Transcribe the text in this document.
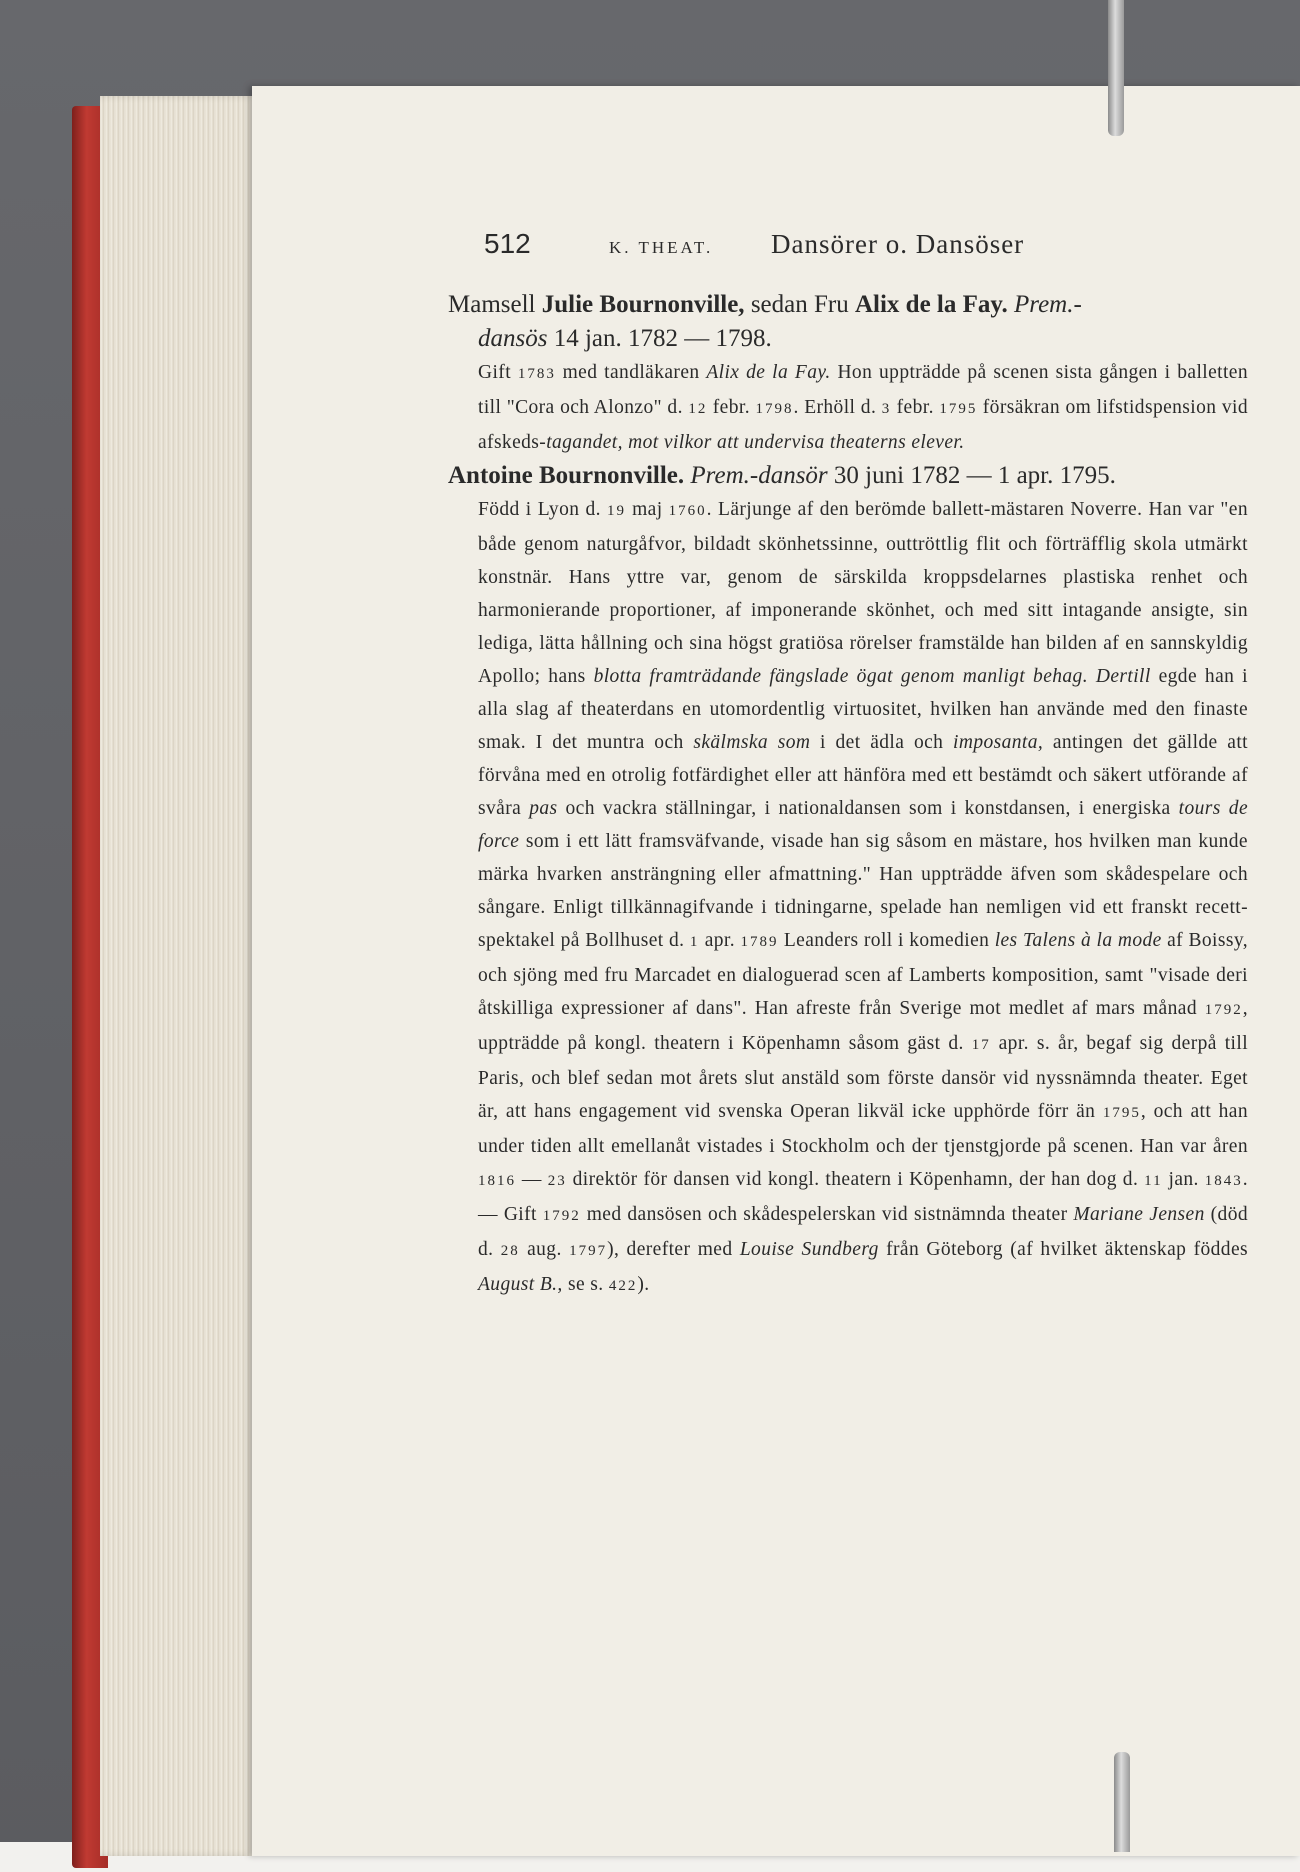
512	K. THEAT.	Dansörer o. Dansöser

Mamsell Julie Bournonville, sedan Fru Alix de la Fay. Prem.-
dansös 14 jan. 1782 — 1798.

Gift 1783 med tandläkaren Alix de la Fay. Hon uppträdde på scenen sista gången i balletten till "Cora och Alonzo" d. 12 febr. 1798. Erhöll d. 3 febr. 1795 försäkran om lifstidspension vid afskeds-tagandet, mot vilkor att undervisa theaterns elever.

Antoine Bournonville. Prem.-dansör 30 juni 1782 — 1 apr. 1795.

Född i Lyon d. 19 maj 1760. Lärjunge af den berömde ballett-mästaren Noverre. Han var "en både genom naturgåfvor, bildadt skönhetssinne, outtröttlig flit och förträfflig skola utmärkt konstnär. Hans yttre var, genom de särskilda kroppsdelarnes plastiska renhet och harmonierande proportioner, af imponerande skönhet, och med sitt intagande ansigte, sin lediga, lätta hållning och sina högst gratiösa rörelser framstälde han bilden af en sannskyldig Apollo; hans blotta framträdande fängslade ögat genom manligt behag. Dertill egde han i alla slag af theaterdans en utomordentlig virtuositet, hvilken han använde med den finaste smak. I det muntra och skälmska som i det ädla och imposanta, antingen det gällde att förvåna med en otrolig fotfärdighet eller att hänföra med ett bestämdt och säkert utförande af svåra pas och vackra ställningar, i nationaldansen som i konstdansen, i energiska tours de force som i ett lätt framsväfvande, visade han sig såsom en mästare, hos hvilken man kunde märka hvarken ansträngning eller afmattning." Han uppträdde äfven som skådespelare och sångare. Enligt tillkännagifvande i tidningarne, spelade han nemligen vid ett franskt recett-spektakel på Bollhuset d. 1 apr. 1789 Leanders roll i komedien les Talens à la mode af Boissy, och sjöng med fru Marcadet en dialoguerad scen af Lamberts komposition, samt "visade deri åtskilliga expressioner af dans". Han afreste från Sverige mot medlet af mars månad 1792, uppträdde på kongl. theatern i Köpenhamn såsom gäst d. 17 apr. s. år, begaf sig derpå till Paris, och blef sedan mot årets slut anstäld som förste dansör vid nyssnämnda theater. Eget är, att hans engagement vid svenska Operan likväl icke upphörde förr än 1795, och att han under tiden allt emellanåt vistades i Stockholm och der tjenstgjorde på scenen. Han var åren 1816 — 23 direktör för dansen vid kongl. theatern i Köpenhamn, der han dog d. 11 jan. 1843. — Gift 1792 med dansösen och skådespelerskan vid sistnämnda theater Mariane Jensen (död d. 28 aug. 1797), derefter med Louise Sundberg från Göteborg (af hvilket äktenskap föddes August B., se s. 422).
